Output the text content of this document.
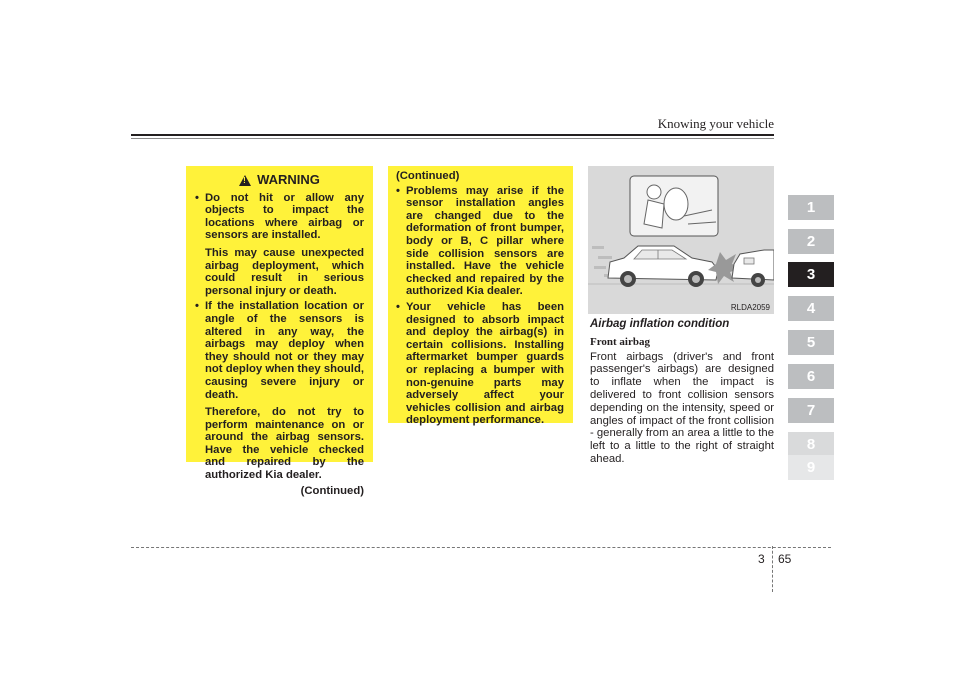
Knowing your vehicle
!
WARNING
• Do not hit or allow any objects to impact the locations where airbag or sensors are installed.
This may cause unexpected airbag deployment, which could result in serious personal injury or death.
• If the installation location or angle of the sensors is altered in any way, the airbags may deploy when they should not or they may not deploy when they should, causing severe injury or death.
Therefore, do not try to perform maintenance on or around the airbag sensors. Have the vehicle checked and repaired by the authorized Kia dealer.
(Continued)
(Continued)
• Problems may arise if the sensor installation angles are changed due to the deformation of front bumper, body or B, C pillar where side collision sensors are installed. Have the vehicle checked and repaired by the authorized Kia dealer.
• Your vehicle has been designed to absorb impact and deploy the airbag(s) in certain collisions. Installing aftermarket bumper guards or replacing a bumper with non-genuine parts may adversely affect your vehicles collision and airbag deployment performance.
RLDA2059
Airbag inflation condition
Front airbag
Front airbags (driver's and front passenger's airbags) are designed to inflate when the impact is delivered to front collision sensors depending on the intensity, speed or angles of impact of the front collision - generally from an area a little to the left to a little to the right of straight ahead.
1
2
3
4
5
6
7
8
9
3 65
